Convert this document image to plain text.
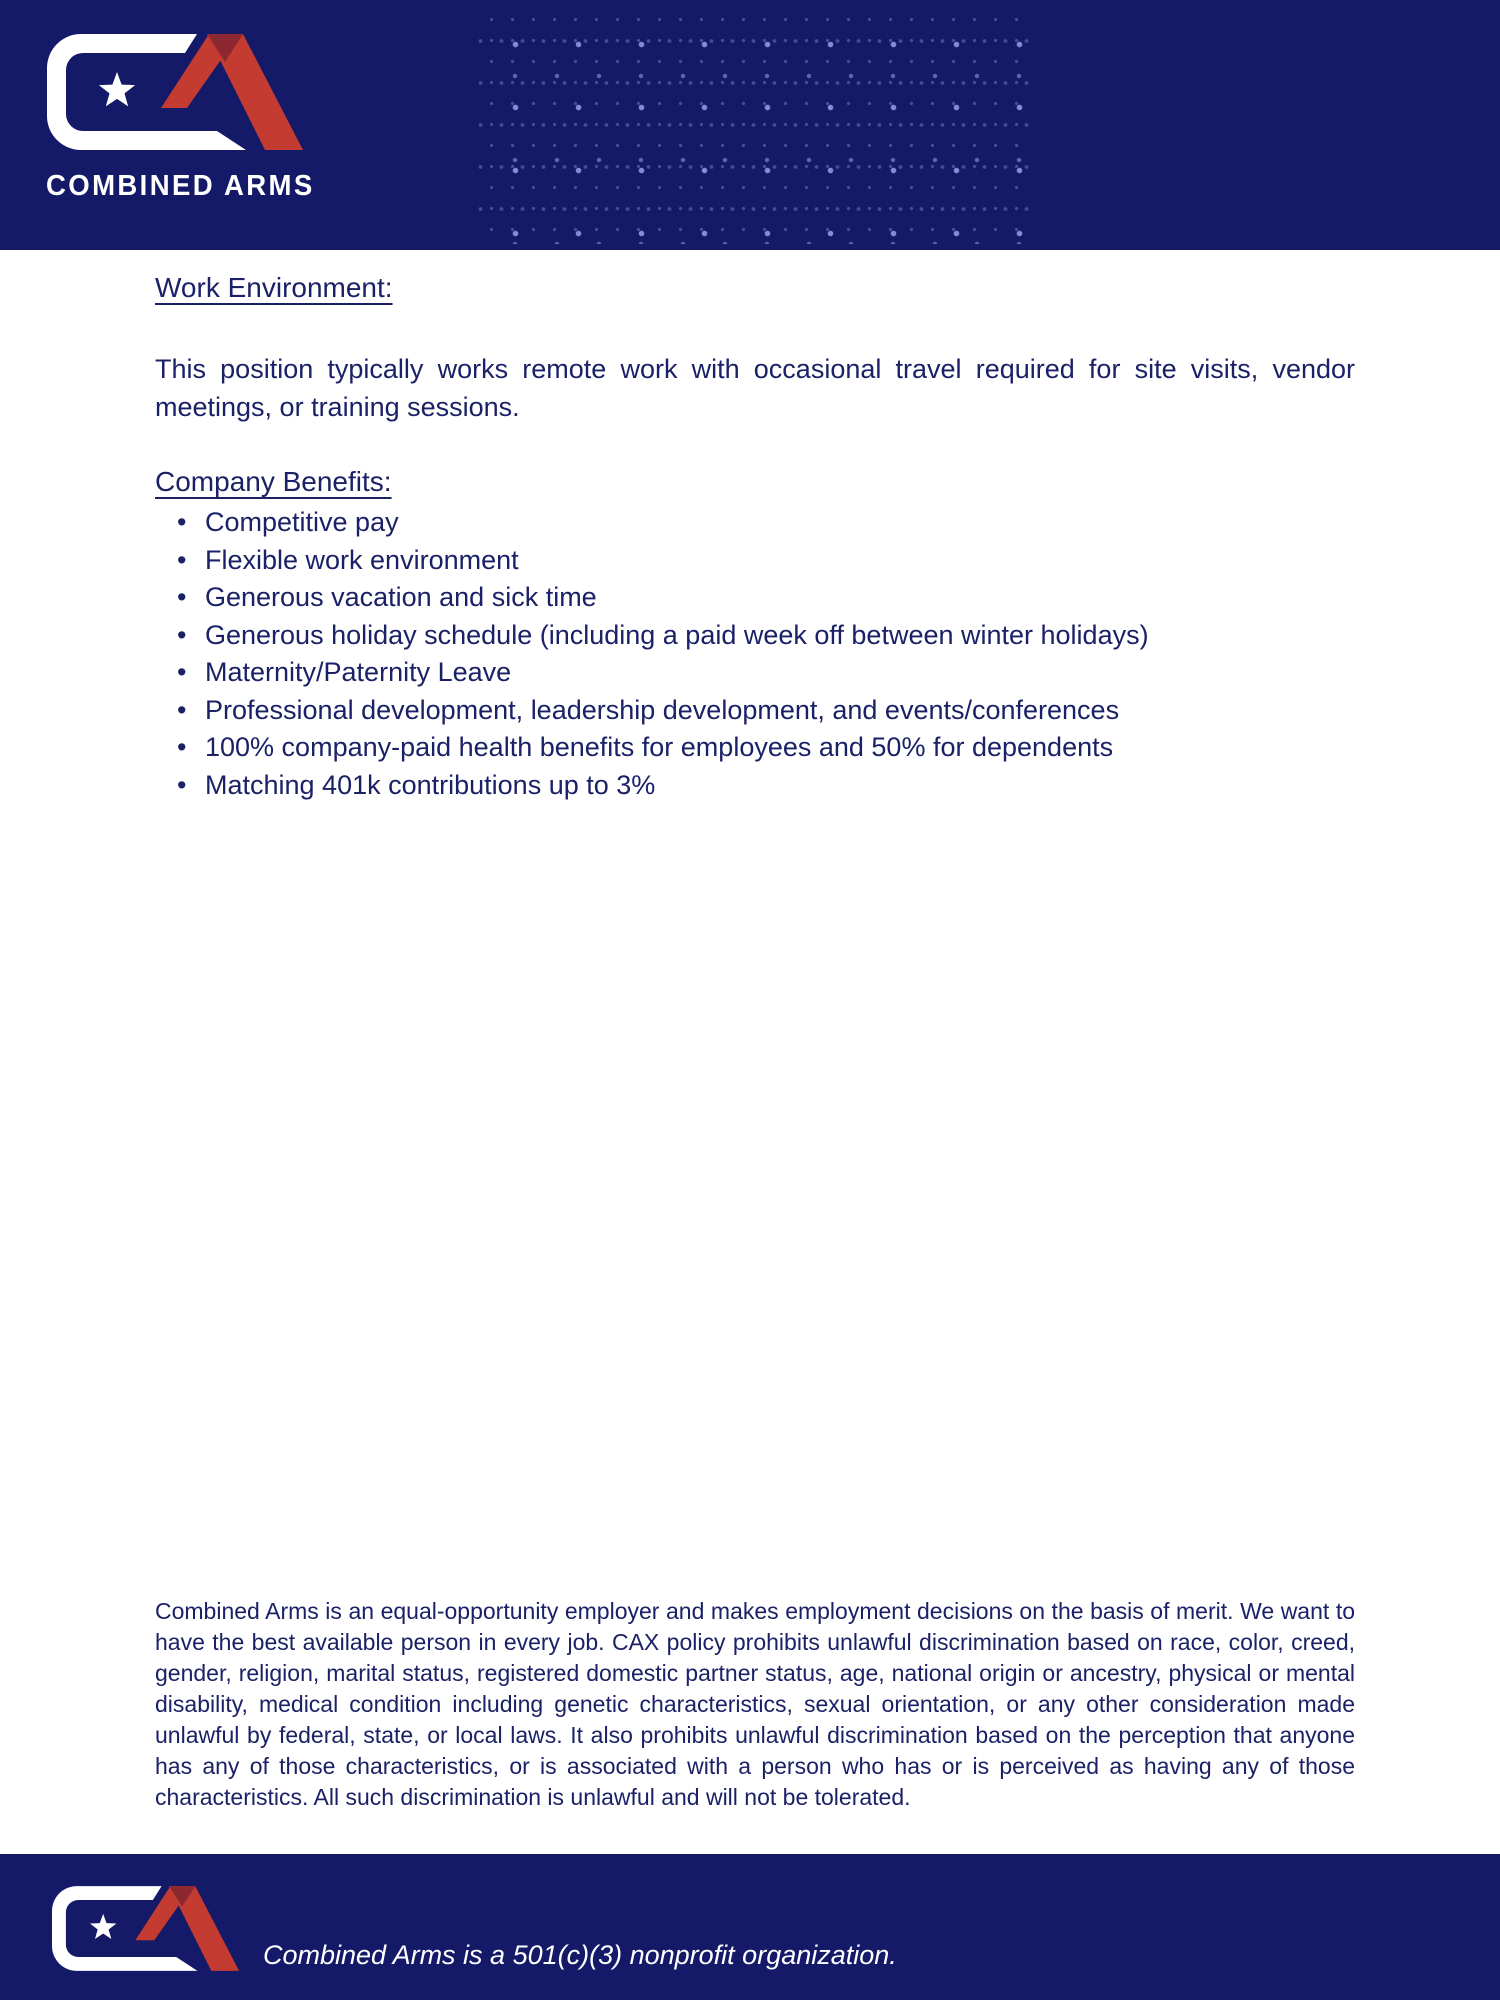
COMBINED ARMS
Work Environment:
This position typically works remote work with occasional travel required for site visits, vendor meetings, or training sessions.
Company Benefits:
• Competitive pay
• Flexible work environment
• Generous vacation and sick time
• Generous holiday schedule (including a paid week off between winter holidays)
• Maternity/Paternity Leave
• Professional development, leadership development, and events/conferences
• 100% company-paid health benefits for employees and 50% for dependents
• Matching 401k contributions up to 3%
Combined Arms is an equal-opportunity employer and makes employment decisions on the basis of merit. We want to have the best available person in every job. CAX policy prohibits unlawful discrimination based on race, color, creed, gender, religion, marital status, registered domestic partner status, age, national origin or ancestry, physical or mental disability, medical condition including genetic characteristics, sexual orientation, or any other consideration made unlawful by federal, state, or local laws. It also prohibits unlawful discrimination based on the perception that anyone has any of those characteristics, or is associated with a person who has or is perceived as having any of those characteristics. All such discrimination is unlawful and will not be tolerated.
Combined Arms is a 501(c)(3) nonprofit organization.
